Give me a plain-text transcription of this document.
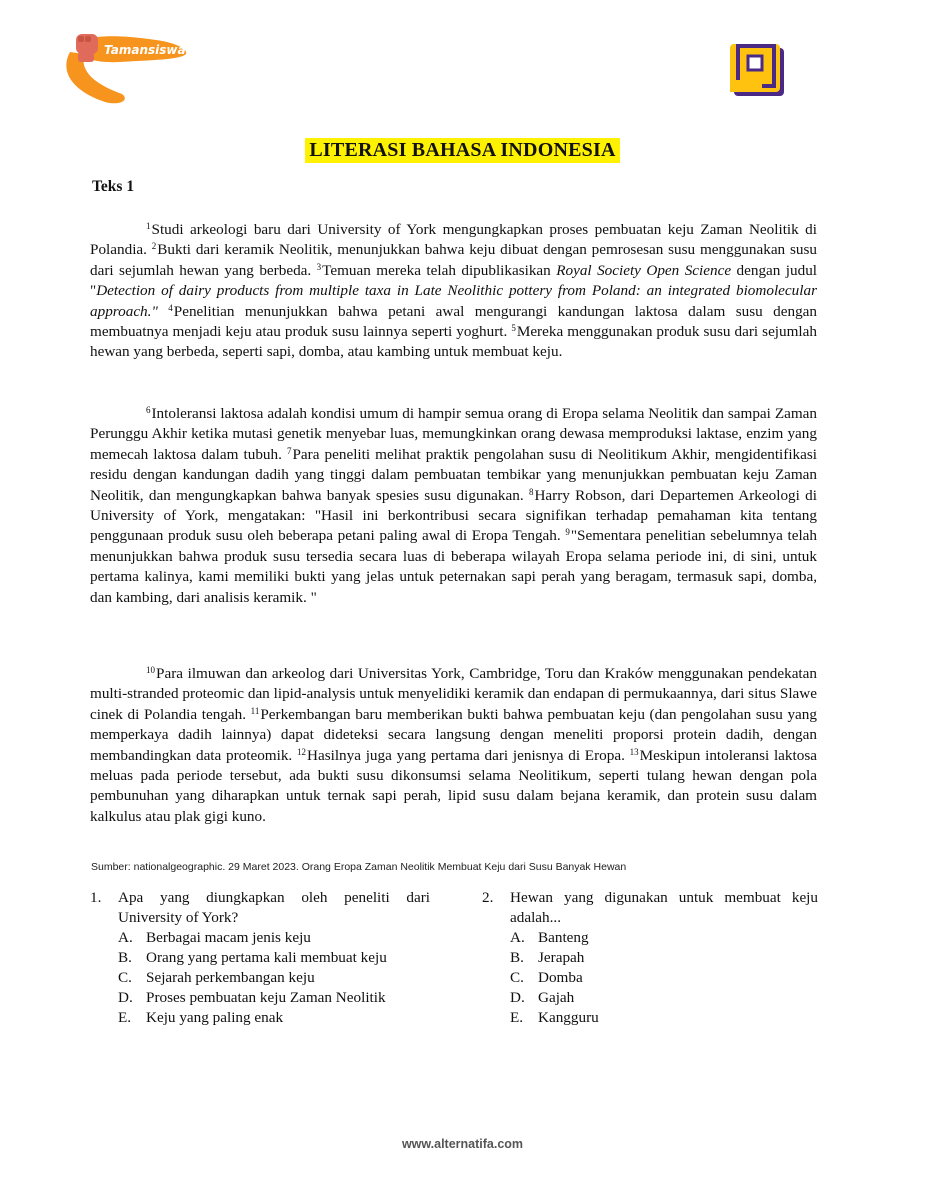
Tamansiswa
LITERASI BAHASA INDONESIA
Teks 1
$^1$Studi arkeologi baru dari University of York mengungkapkan proses pembuatan keju Zaman Neolitik di Polandia. $^2$Bukti dari keramik Neolitik, menunjukkan bahwa keju dibuat dengan pemrosesan susu menggunakan susu dari sejumlah hewan yang berbeda. $^3$Temuan mereka telah dipublikasikan Royal Society Open Science dengan judul "Detection of dairy products from multiple taxa in Late Neolithic pottery from Poland: an integrated biomolecular approach." $^4$Penelitian menunjukkan bahwa petani awal mengurangi kandungan laktosa dalam susu dengan membuatnya menjadi keju atau produk susu lainnya seperti yoghurt. $^5$Mereka menggunakan produk susu dari sejumlah hewan yang berbeda, seperti sapi, domba, atau kambing untuk membuat keju.
$^6$Intoleransi laktosa adalah kondisi umum di hampir semua orang di Eropa selama Neolitik dan sampai Zaman Perunggu Akhir ketika mutasi genetik menyebar luas, memungkinkan orang dewasa memproduksi laktase, enzim yang memecah laktosa dalam tubuh. $^7$Para peneliti melihat praktik pengolahan susu di Neolitikum Akhir, mengidentifikasi residu dengan kandungan dadih yang tinggi dalam pembuatan tembikar yang menunjukkan pembuatan keju Zaman Neolitik, dan mengungkapkan bahwa banyak spesies susu digunakan. $^8$Harry Robson, dari Departemen Arkeologi di University of York, mengatakan: "Hasil ini berkontribusi secara signifikan terhadap pemahaman kita tentang penggunaan produk susu oleh beberapa petani paling awal di Eropa Tengah. $^9$"Sementara penelitian sebelumnya telah menunjukkan bahwa produk susu tersedia secara luas di beberapa wilayah Eropa selama periode ini, di sini, untuk pertama kalinya, kami memiliki bukti yang jelas untuk peternakan sapi perah yang beragam, termasuk sapi, domba, dan kambing, dari analisis keramik. "
$^{10}$Para ilmuwan dan arkeolog dari Universitas York, Cambridge, Toru dan Kraków menggunakan pendekatan multi-stranded proteomic dan lipid-analysis untuk menyelidiki keramik dan endapan di permukaannya, dari situs Slawe cinek di Polandia tengah. $^{11}$Perkembangan baru memberikan bukti bahwa pembuatan keju (dan pengolahan susu yang memperkaya dadih lainnya) dapat dideteksi secara langsung dengan meneliti proporsi protein dadih, dengan membandingkan data proteomik. $^{12}$Hasilnya juga yang pertama dari jenisnya di Eropa. $^{13}$Meskipun intoleransi laktosa meluas pada periode tersebut, ada bukti susu dikonsumsi selama Neolitikum, seperti tulang hewan dengan pola pembunuhan yang diharapkan untuk ternak sapi perah, lipid susu dalam bejana keramik, dan protein susu dalam kalkulus atau plak gigi kuno.
Sumber: nationalgeographic. 29 Maret 2023. Orang Eropa Zaman Neolitik Membuat Keju dari Susu Banyak Hewan
1.	Apa yang diungkapkan oleh peneliti dari University of York?
A. Berbagai macam jenis keju
B. Orang yang pertama kali membuat keju
C. Sejarah perkembangan keju
D. Proses pembuatan keju Zaman Neolitik
E. Keju yang paling enak
2.	Hewan yang digunakan untuk membuat keju adalah...
A. Banteng
B. Jerapah
C. Domba
D. Gajah
E. Kangguru
www.alternatifa.com
